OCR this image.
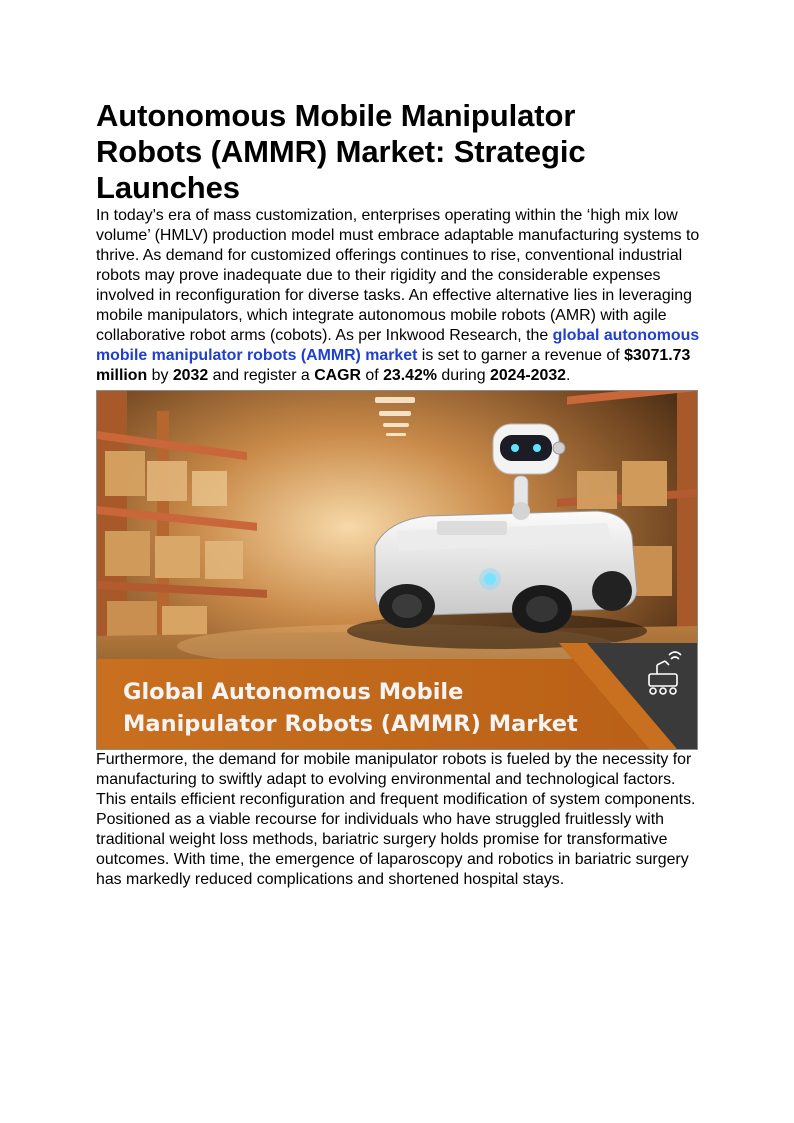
Autonomous Mobile Manipulator Robots (AMMR) Market: Strategic Launches

In today’s era of mass customization, enterprises operating within the ‘high mix low volume’ (HMLV) production model must embrace adaptable manufacturing systems to thrive. As demand for customized offerings continues to rise, conventional industrial robots may prove inadequate due to their rigidity and the considerable expenses involved in reconfiguration for diverse tasks. An effective alternative lies in leveraging mobile manipulators, which integrate autonomous mobile robots (AMR) with agile collaborative robot arms (cobots). As per Inkwood Research, the global autonomous mobile manipulator robots (AMMR) market is set to garner a revenue of $3071.73 million by 2032 and register a CAGR of 23.42% during 2024-2032.

Global Autonomous Mobile
Manipulator Robots (AMMR) Market

Furthermore, the demand for mobile manipulator robots is fueled by the necessity for manufacturing to swiftly adapt to evolving environmental and technological factors. This entails efficient reconfiguration and frequent modification of system components.

Positioned as a viable recourse for individuals who have struggled fruitlessly with traditional weight loss methods, bariatric surgery holds promise for transformative outcomes. With time, the emergence of laparoscopy and robotics in bariatric surgery has markedly reduced complications and shortened hospital stays.
